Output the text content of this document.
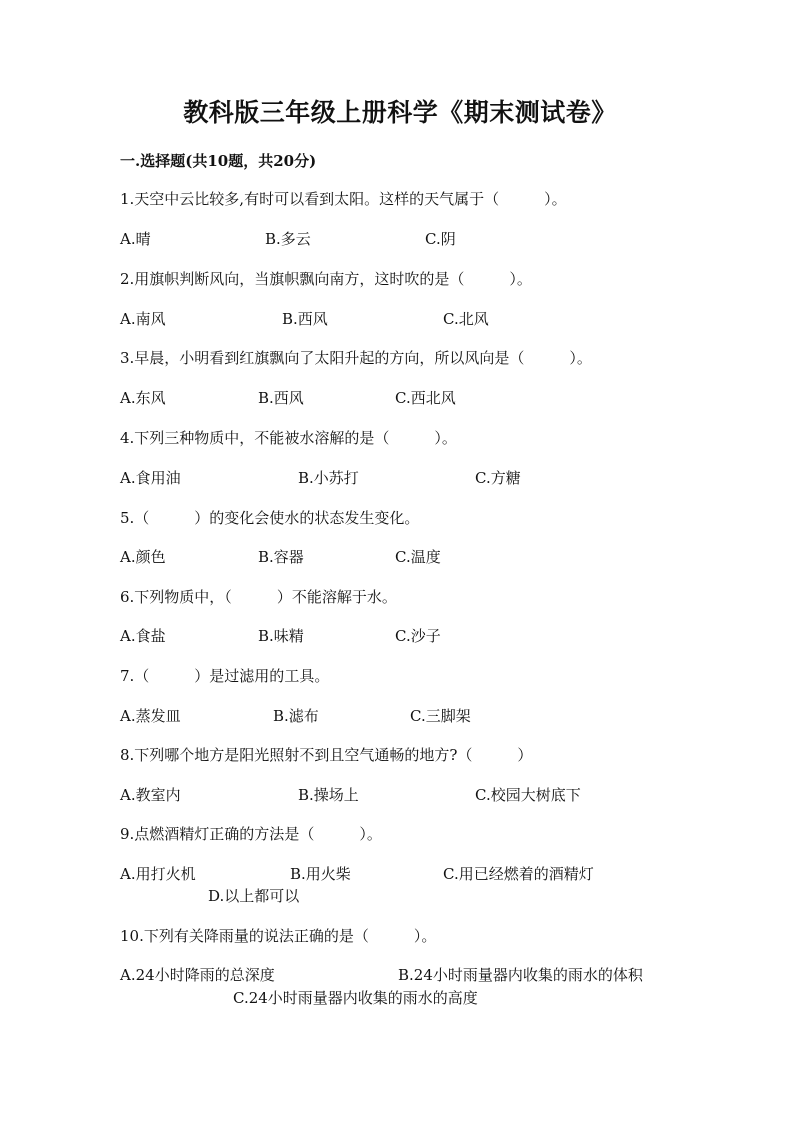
教科版三年级上册科学《期末测试卷》
一.选择题(共10题，共20分)
1.天空中云比较多,有时可以看到太阳。这样的天气属于（　　　）。
A.晴	B.多云	C.阴
2.用旗帜判断风向，当旗帜飘向南方，这时吹的是（　　　）。
A.南风	B.西风	C.北风
3.早晨，小明看到红旗飘向了太阳升起的方向，所以风向是（　　　）。
A.东风	B.西风	C.西北风
4.下列三种物质中，不能被水溶解的是（　　　）。
A.食用油	B.小苏打	C.方糖
5.（　　　）的变化会使水的状态发生变化。
A.颜色	B.容器	C.温度
6.下列物质中，（　　　）不能溶解于水。
A.食盐	B.味精	C.沙子
7.（　　　）是过滤用的工具。
A.蒸发皿	B.滤布	C.三脚架
8.下列哪个地方是阳光照射不到且空气通畅的地方?（　　　）
A.教室内	B.操场上	C.校园大树底下
9.点燃酒精灯正确的方法是（　　　）。
A.用打火机	B.用火柴	C.用已经燃着的酒精灯
D.以上都可以
10.下列有关降雨量的说法正确的是（　　　）。
A.24小时降雨的总深度	B.24小时雨量器内收集的雨水的体积
C.24小时雨量器内收集的雨水的高度
